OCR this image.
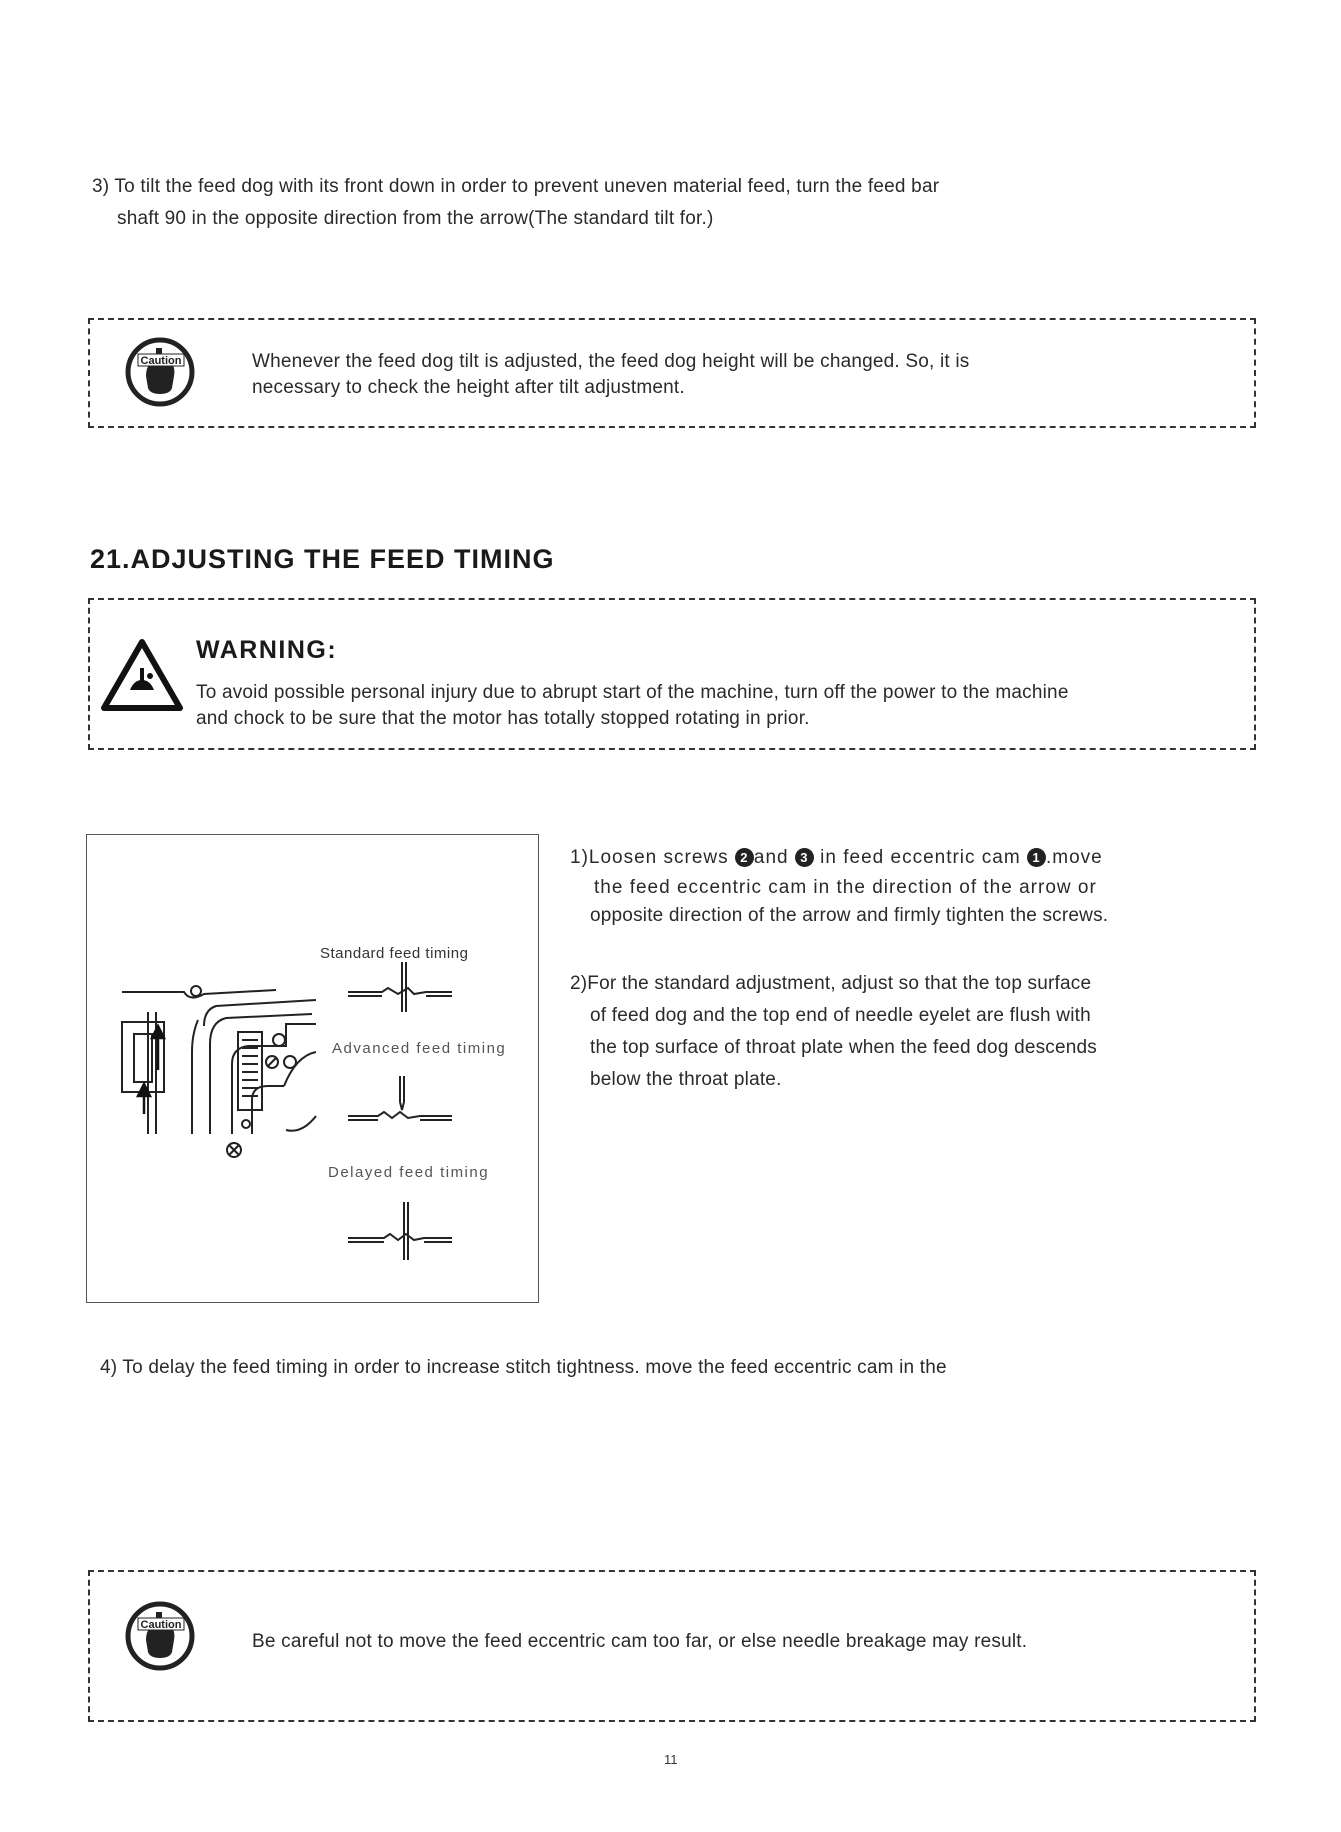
3) To tilt the feed dog with its front down in order to prevent uneven material feed, turn the feed bar
shaft 90 in the opposite direction from the arrow(The standard tilt for.)
Caution	Whenever the feed dog tilt is adjusted, the feed dog height will be changed. So, it is
necessary to check the height after tilt adjustment.
21.ADJUSTING THE FEED TIMING
WARNING:
To avoid possible personal injury due to abrupt start of the machine, turn off the power to the machine
and chock to be sure that the motor has totally stopped rotating in prior.
Standard feed timing
Advanced feed timing
Delayed feed timing
1)Loosen screws 2 and 3 in feed eccentric cam 1 .move
the feed eccentric cam in the direction of the arrow or
opposite direction of the arrow and firmly tighten the screws.
2)For the standard adjustment, adjust so that the top surface
of feed dog and the top end of needle eyelet are flush with
the top surface of throat plate when the feed dog descends
below the throat plate.
4) To delay the feed timing in order to increase stitch tightness. move the feed eccentric cam in the
Caution
Be careful not to move the feed eccentric cam too far, or else needle breakage may result.
11
